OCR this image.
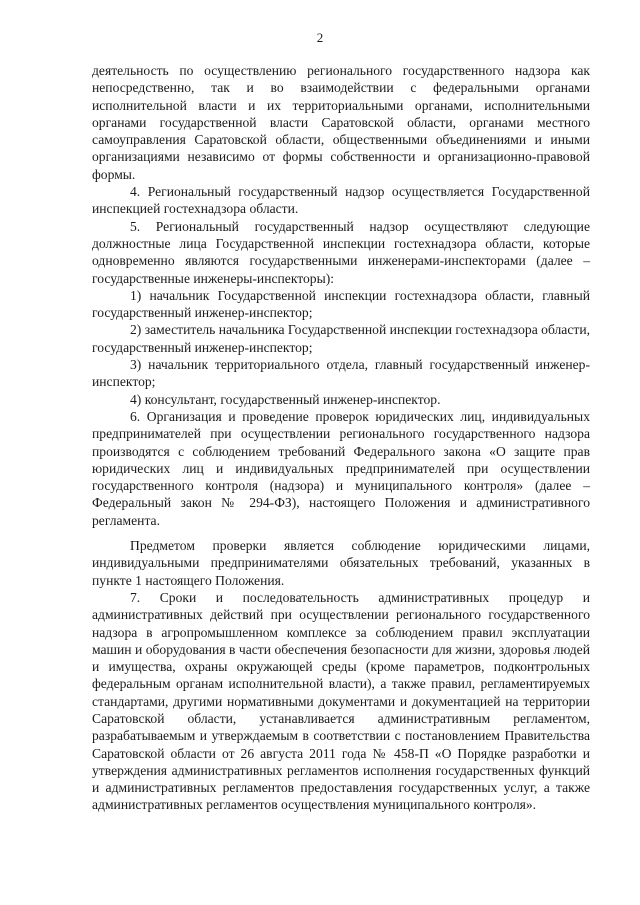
2

деятельность по осуществлению регионального государственного надзора как непосредственно, так и во взаимодействии с федеральными органами исполнительной власти и их территориальными органами, исполнительными органами государственной власти Саратовской области, органами местного самоуправления Саратовской области, общественными объединениями и иными организациями независимо от формы собственности и организационно-правовой формы.

4. Региональный государственный надзор осуществляется Государственной инспекцией гостехнадзора области.

5. Региональный государственный надзор осуществляют следующие должностные лица Государственной инспекции гостехнадзора области, которые одновременно являются государственными инженерами-инспекторами (далее – государственные инженеры-инспекторы):

1) начальник Государственной инспекции гостехнадзора области, главный государственный инженер-инспектор;

2) заместитель начальника Государственной инспекции гостехнадзора области, государственный инженер-инспектор;

3) начальник территориального отдела, главный государственный инженер-инспектор;

4) консультант, государственный инженер-инспектор.

6. Организация и проведение проверок юридических лиц, индивидуальных предпринимателей при осуществлении регионального государственного надзора производятся с соблюдением требований Федерального закона «О защите прав юридических лиц и индивидуальных предпринимателей при осуществлении государственного контроля (надзора) и муниципального контроля» (далее – Федеральный закон № 294-ФЗ), настоящего Положения и административного регламента.

Предметом проверки является соблюдение юридическими лицами, индивидуальными предпринимателями обязательных требований, указанных в пункте 1 настоящего Положения.

7. Сроки и последовательность административных процедур и административных действий при осуществлении регионального государственного надзора в агропромышленном комплексе за соблюдением правил эксплуатации машин и оборудования в части обеспечения безопасности для жизни, здоровья людей и имущества, охраны окружающей среды (кроме параметров, подконтрольных федеральным органам исполнительной власти), а также правил, регламентируемых стандартами, другими нормативными документами и документацией на территории Саратовской области, устанавливается административным регламентом, разрабатываемым и утверждаемым в соответствии с постановлением Правительства Саратовской области от 26 августа 2011 года № 458-П «О Порядке разработки и утверждения административных регламентов исполнения государственных функций и административных регламентов предоставления государственных услуг, а также административных регламентов осуществления муниципального контроля».
